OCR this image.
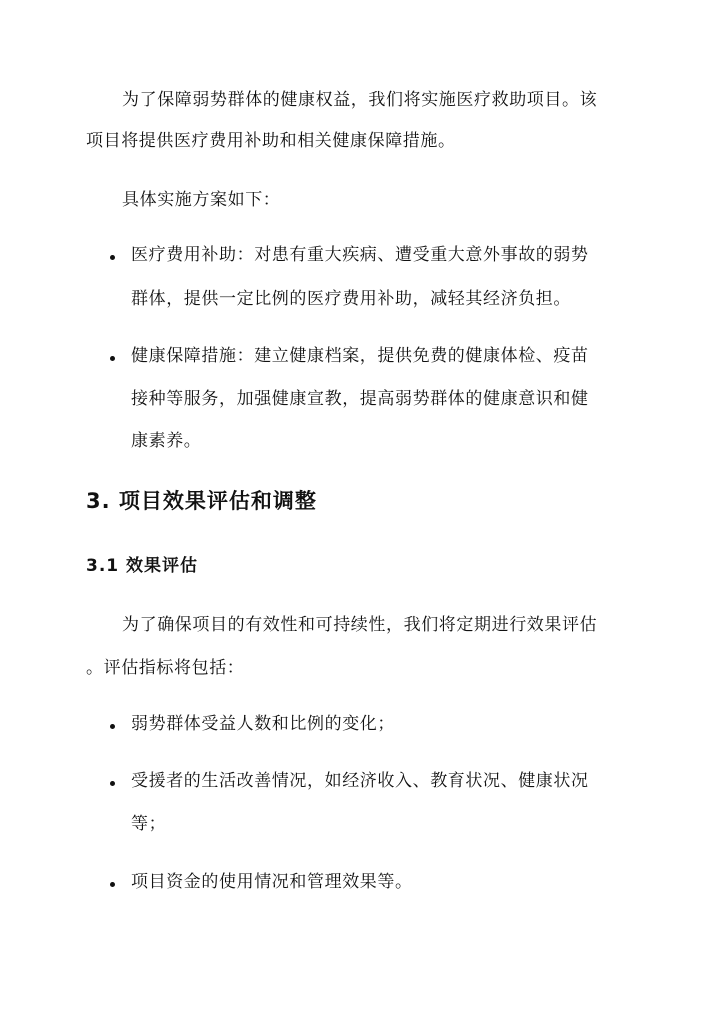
为了保障弱势群体的健康权益，我们将实施医疗救助项目。该
项目将提供医疗费用补助和相关健康保障措施。
具体实施方案如下：
医疗费用补助：对患有重大疾病、遭受重大意外事故的弱势
群体，提供一定比例的医疗费用补助，减轻其经济负担。
健康保障措施：建立健康档案，提供免费的健康体检、疫苗
接种等服务，加强健康宣教，提高弱势群体的健康意识和健
康素养。
3. 项目效果评估和调整
3.1 效果评估
为了确保项目的有效性和可持续性，我们将定期进行效果评估
。评估指标将包括：
弱势群体受益人数和比例的变化；
受援者的生活改善情况，如经济收入、教育状况、健康状况
等；
项目资金的使用情况和管理效果等。
